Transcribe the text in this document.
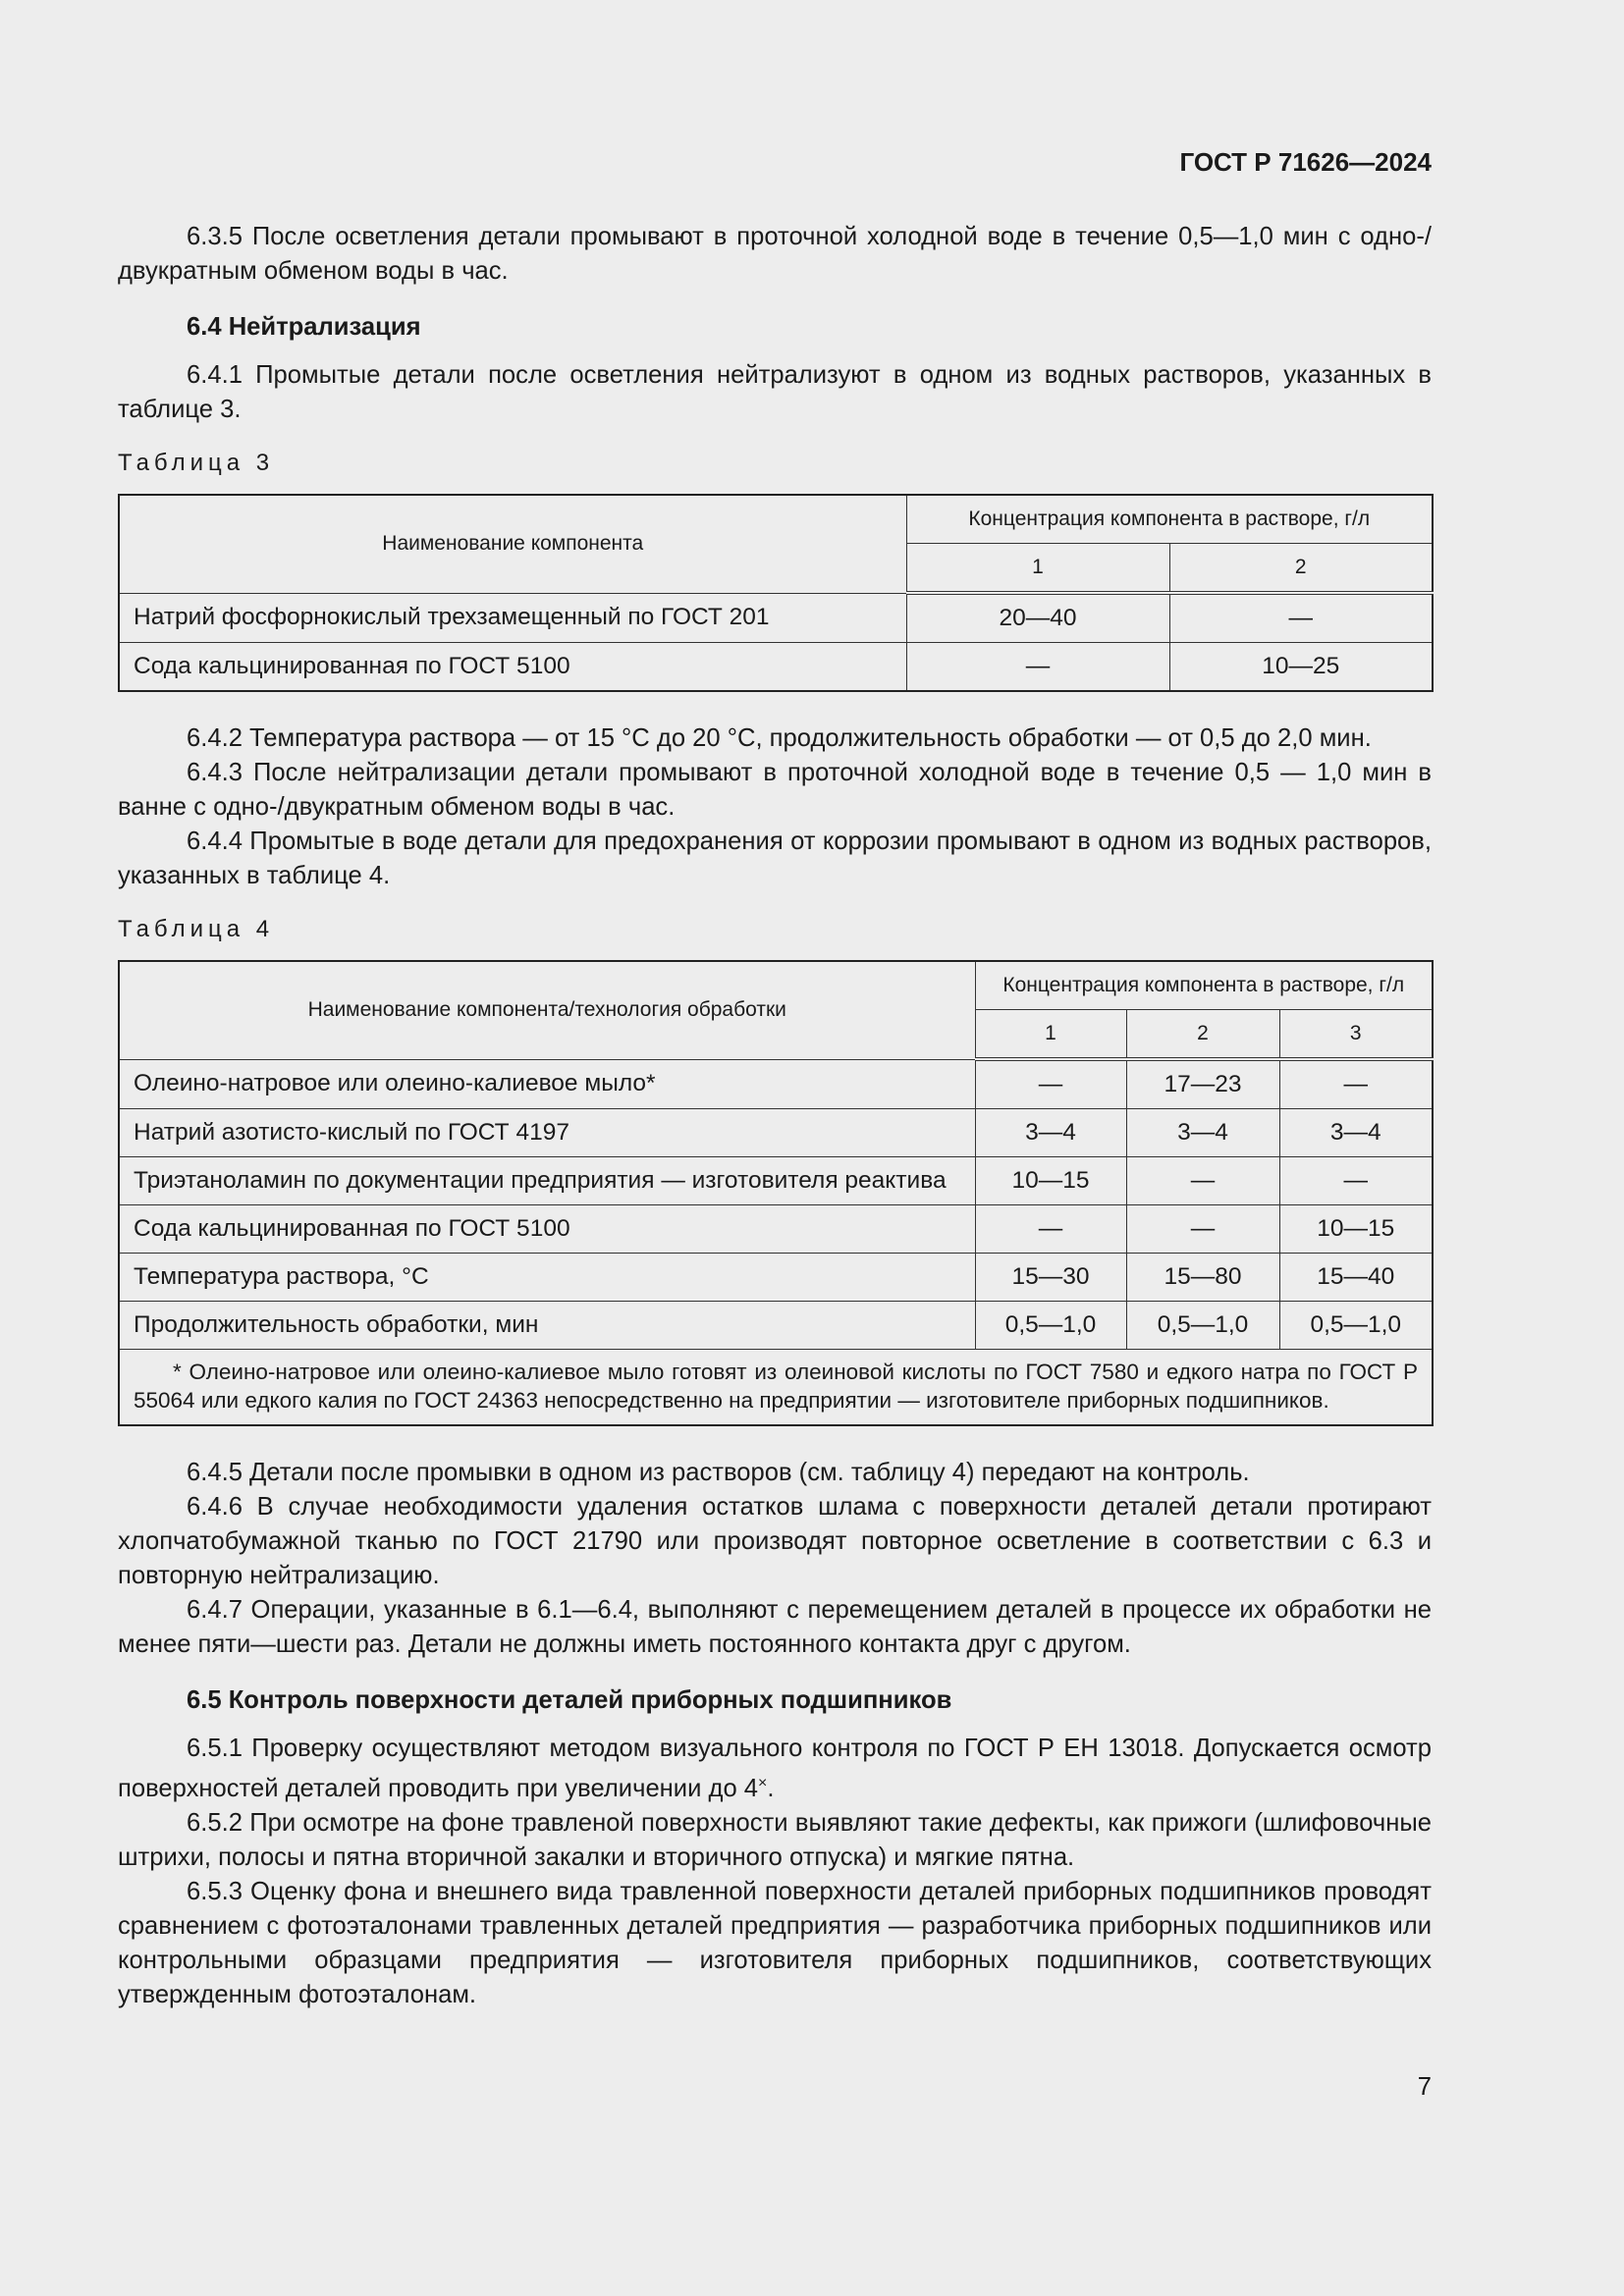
ГОСТ Р 71626—2024

6.3.5 После осветления детали промывают в проточной холодной воде в течение 0,5—1,0 мин с одно-/двукратным обменом воды в час.

6.4 Нейтрализация

6.4.1 Промытые детали после осветления нейтрализуют в одном из водных растворов, указанных в таблице 3.

Таблица 3
Наименование компонента	Концентрация компонента в растворе, г/л	
	1	2
Натрий фосфорнокислый трехзамещенный по ГОСТ 201	20—40	—
Сода кальцинированная по ГОСТ 5100	—	10—25

6.4.2 Температура раствора — от 15 °С до 20 °С, продолжительность обработки — от 0,5 до 2,0 мин.

6.4.3 После нейтрализации детали промывают в проточной холодной воде в течение 0,5 — 1,0 мин в ванне с одно-/двукратным обменом воды в час.

6.4.4 Промытые в воде детали для предохранения от коррозии промывают в одном из водных растворов, указанных в таблице 4.

Таблица 4
Наименование компонента/технология обработки	Концентрация компонента в растворе, г/л		
	1	2	3
Олеино-натровое или олеино-калиевое мыло*	—	17—23	—
Натрий азотисто-кислый по ГОСТ 4197	3—4	3—4	3—4
Триэтаноламин по документации предприятия — изготовителя реактива	10—15	—	—
Сода кальцинированная по ГОСТ 5100	—	—	10—15
Температура раствора, °С	15—30	15—80	15—40
Продолжительность обработки, мин	0,5—1,0	0,5—1,0	0,5—1,0
* Олеино-натровое или олеино-калиевое мыло готовят из олеиновой кислоты по ГОСТ 7580 и едкого натра по ГОСТ Р 55064 или едкого калия по ГОСТ 24363 непосредственно на предприятии — изготовителе приборных подшипников.			

6.4.5 Детали после промывки в одном из растворов (см. таблицу 4) передают на контроль.

6.4.6 В случае необходимости удаления остатков шлама с поверхности деталей детали протирают хлопчатобумажной тканью по ГОСТ 21790 или производят повторное осветление в соответствии с 6.3 и повторную нейтрализацию.

6.4.7 Операции, указанные в 6.1—6.4, выполняют с перемещением деталей в процессе их обработки не менее пяти—шести раз. Детали не должны иметь постоянного контакта друг с другом.

6.5 Контроль поверхности деталей приборных подшипников

6.5.1 Проверку осуществляют методом визуального контроля по ГОСТ Р ЕН 13018. Допускается осмотр поверхностей деталей проводить при увеличении до 4×.

6.5.2 При осмотре на фоне травленой поверхности выявляют такие дефекты, как прижоги (шлифовочные штрихи, полосы и пятна вторичной закалки и вторичного отпуска) и мягкие пятна.

6.5.3 Оценку фона и внешнего вида травленной поверхности деталей приборных подшипников проводят сравнением с фотоэталонами травленных деталей предприятия — разработчика приборных подшипников или контрольными образцами предприятия — изготовителя приборных подшипников, соответствующих утвержденным фотоэталонам.

7
